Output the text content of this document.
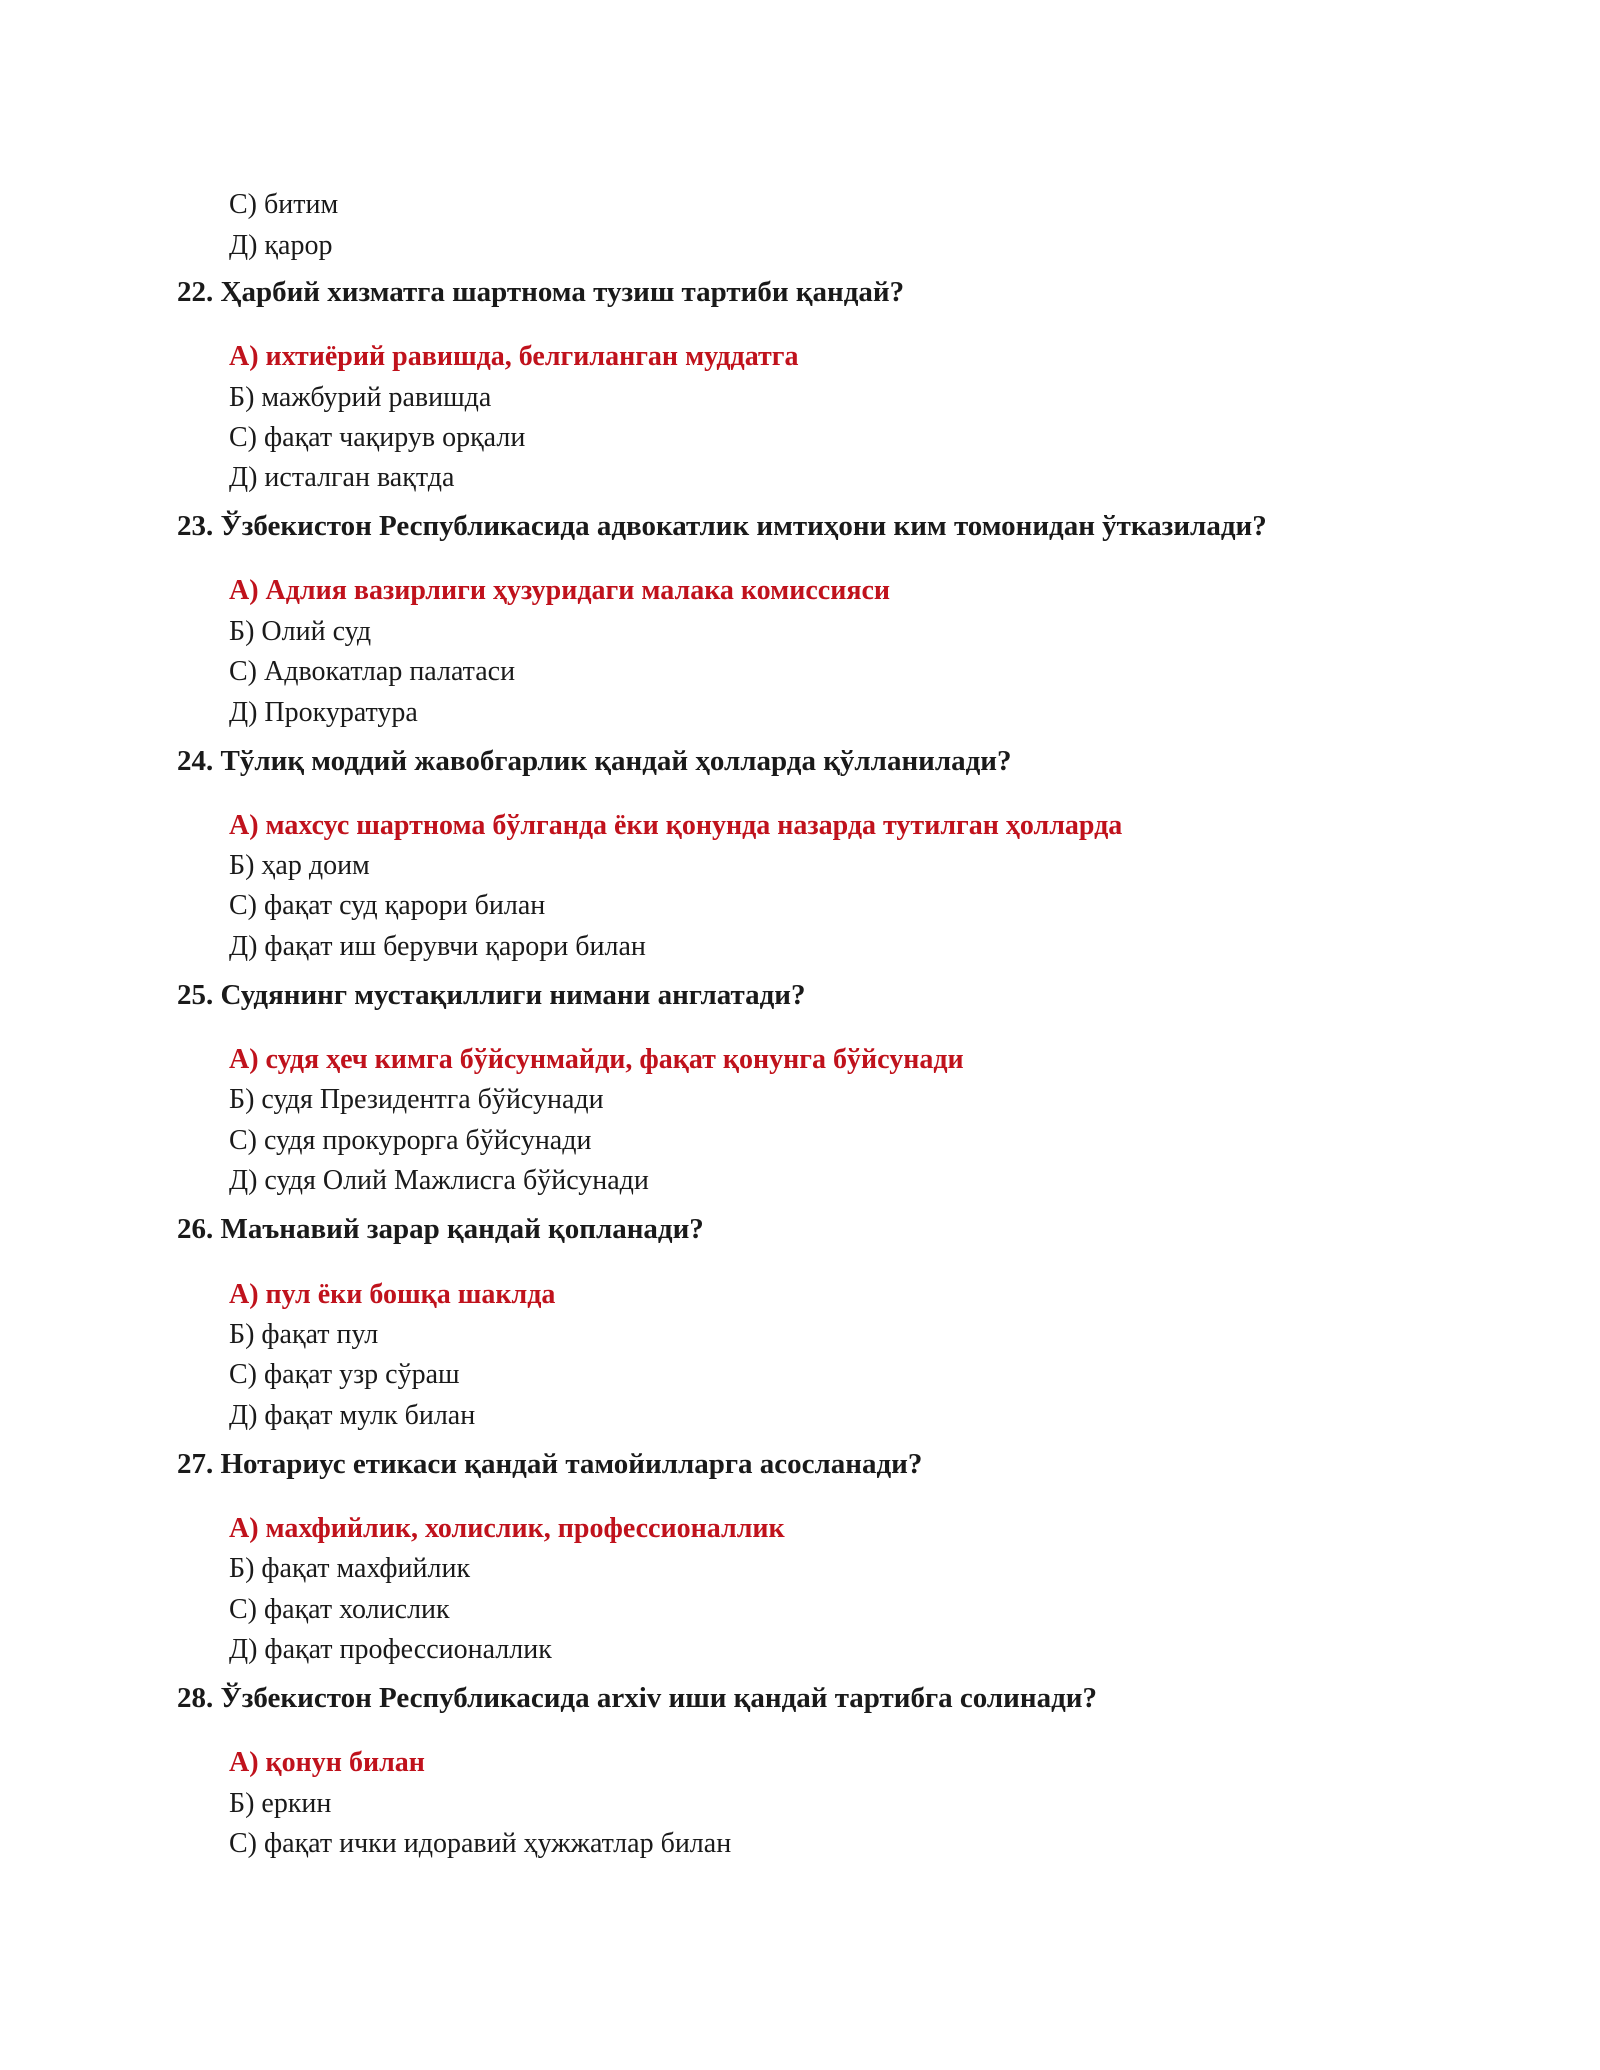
С) битим
Д) қарор
22. Ҳарбий хизматга шартнома тузиш тартиби қандай?
А) ихтиёрий равишда, белгиланган муддатга
Б) мажбурий равишда
С) фақат чақирув орқали
Д) исталган вақтда
23. Ўзбекистон Республикасида адвокатлик имтиҳони ким томонидан ўтказилади?
А) Адлия вазирлиги ҳузуридаги малака комиссияси
Б) Олий суд
С) Адвокатлар палатаси
Д) Прокуратура
24. Тўлиқ моддий жавобгарлик қандай ҳолларда қўлланилади?
А) махсус шартнома бўлганда ёки қонунда назарда тутилган ҳолларда
Б) ҳар доим
С) фақат суд қарори билан
Д) фақат иш берувчи қарори билан
25. Судянинг мустақиллиги нимани англатади?
А) судя ҳеч кимга бўйсунмайди, фақат қонунга бўйсунади
Б) судя Президентга бўйсунади
С) судя прокурорга бўйсунади
Д) судя Олий Мажлисга бўйсунади
26. Маънавий зарар қандай қопланади?
А) пул ёки бошқа шаклда
Б) фақат пул
С) фақат узр сўраш
Д) фақат мулк билан
27. Нотариус етикаси қандай тамойилларга асосланади?
А) махфийлик, холислик, профессионаллик
Б) фақат махфийлик
С) фақат холислик
Д) фақат профессионаллик
28. Ўзбекистон Республикасида arxiv иши қандай тартибга солинади?
А) қонун билан
Б) еркин
С) фақат ички идоравий ҳужжатлар билан
